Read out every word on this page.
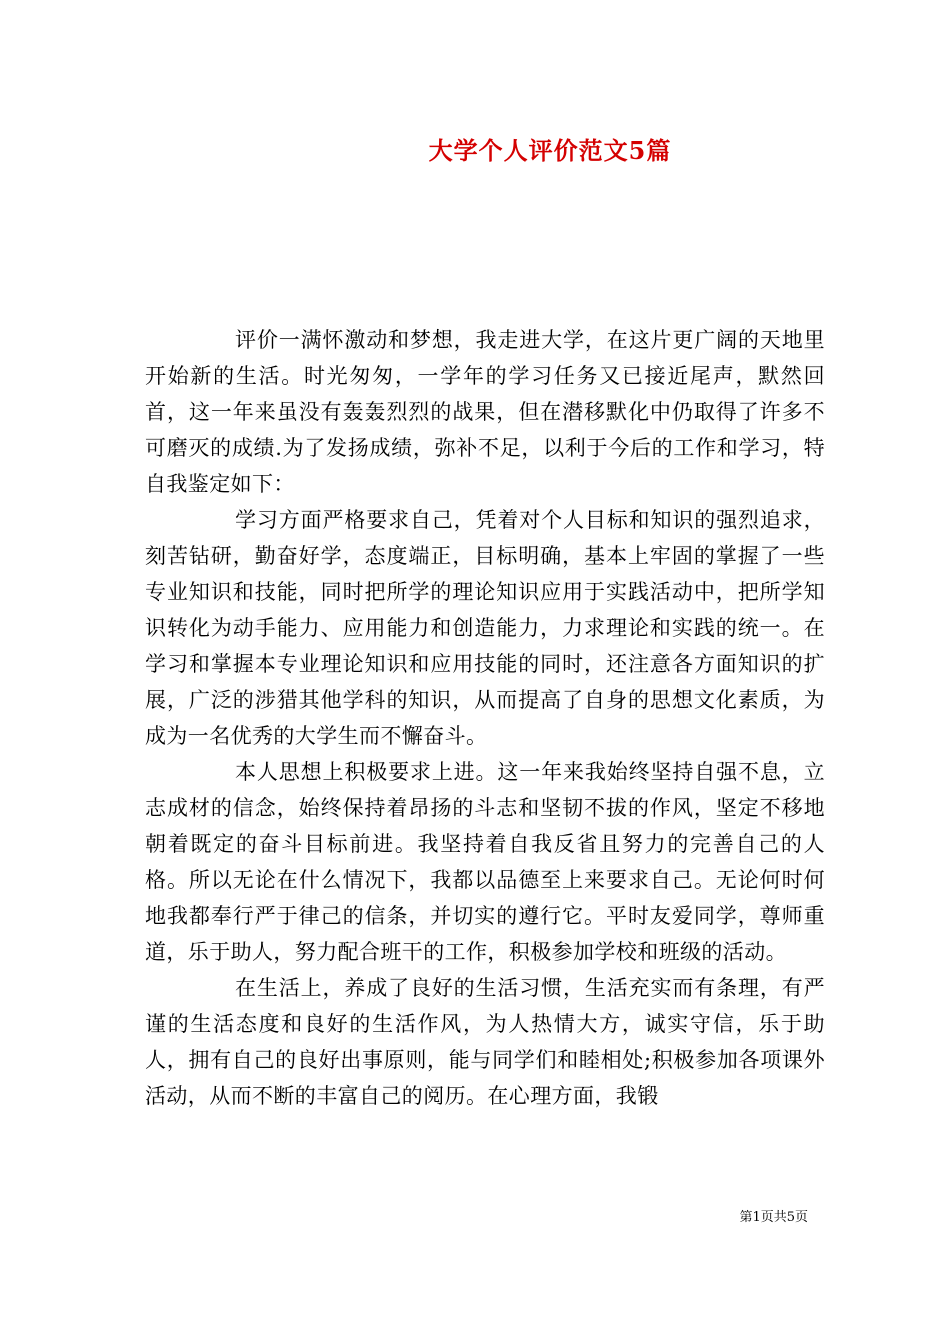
大学个人评价范文5篇

评价一满怀激动和梦想，我走进大学，在这片更广阔的天地里开始新的生活。时光匆匆，一学年的学习任务又已接近尾声，默然回首，这一年来虽没有轰轰烈烈的战果，但在潜移默化中仍取得了许多不可磨灭的成绩.为了发扬成绩，弥补不足，以利于今后的工作和学习，特自我鉴定如下：

学习方面严格要求自己，凭着对个人目标和知识的强烈追求，刻苦钻研，勤奋好学，态度端正，目标明确，基本上牢固的掌握了一些专业知识和技能，同时把所学的理论知识应用于实践活动中，把所学知识转化为动手能力、应用能力和创造能力，力求理论和实践的统一。在学习和掌握本专业理论知识和应用技能的同时，还注意各方面知识的扩展，广泛的涉猎其他学科的知识，从而提高了自身的思想文化素质，为成为一名优秀的大学生而不懈奋斗。

本人思想上积极要求上进。这一年来我始终坚持自强不息，立志成材的信念，始终保持着昂扬的斗志和坚韧不拔的作风，坚定不移地朝着既定的奋斗目标前进。我坚持着自我反省且努力的完善自己的人格。所以无论在什么情况下，我都以品德至上来要求自己。无论何时何地我都奉行严于律己的信条，并切实的遵行它。平时友爱同学，尊师重道，乐于助人，努力配合班干的工作，积极参加学校和班级的活动。

在生活上，养成了良好的生活习惯，生活充实而有条理，有严谨的生活态度和良好的生活作风，为人热情大方，诚实守信，乐于助人，拥有自己的良好出事原则，能与同学们和睦相处;积极参加各项课外活动，从而不断的丰富自己的阅历。在心理方面，我锻

第1页共5页
